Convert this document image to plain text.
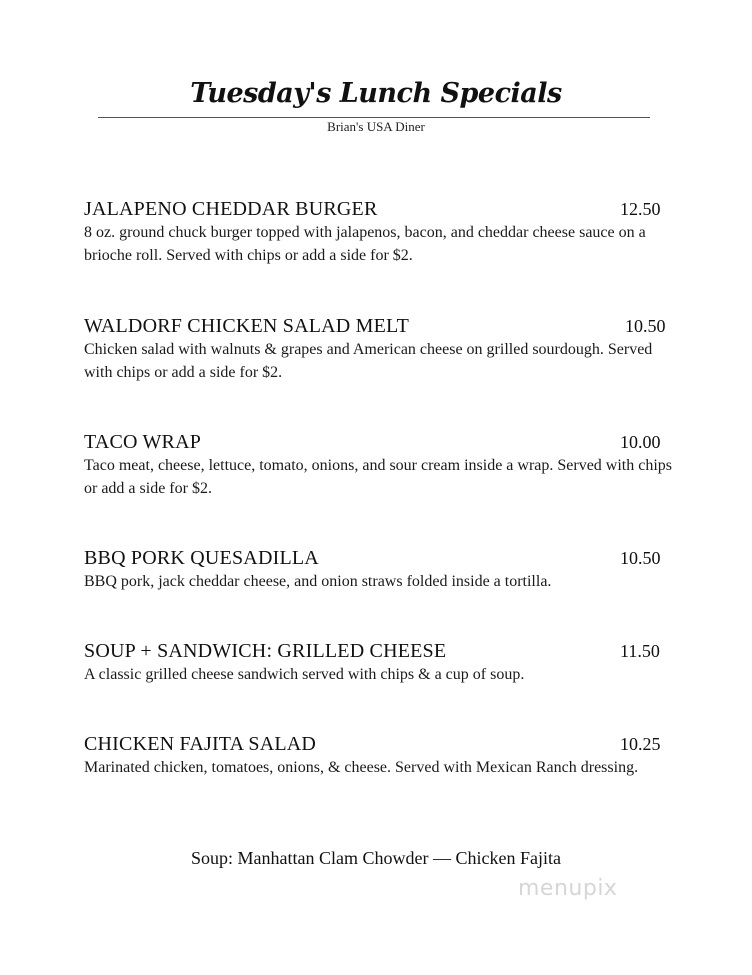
Tuesday's Lunch Specials
Brian's USA Diner
JALAPENO CHEDDAR BURGER	12.50
8 oz. ground chuck burger topped with jalapenos, bacon, and cheddar cheese sauce on a brioche roll. Served with chips or add a side for $2.
WALDORF CHICKEN SALAD MELT	10.50
Chicken salad with walnuts & grapes and American cheese on grilled sourdough. Served with chips or add a side for $2.
TACO WRAP	10.00
Taco meat, cheese, lettuce, tomato, onions, and sour cream inside a wrap. Served with chips or add a side for $2.
BBQ PORK QUESADILLA	10.50
BBQ pork, jack cheddar cheese, and onion straws folded inside a tortilla.
SOUP + SANDWICH: GRILLED CHEESE	11.50
A classic grilled cheese sandwich served with chips & a cup of soup.
CHICKEN FAJITA SALAD	10.25
Marinated chicken, tomatoes, onions, & cheese. Served with Mexican Ranch dressing.
Soup: Manhattan Clam Chowder — Chicken Fajita
menupix
